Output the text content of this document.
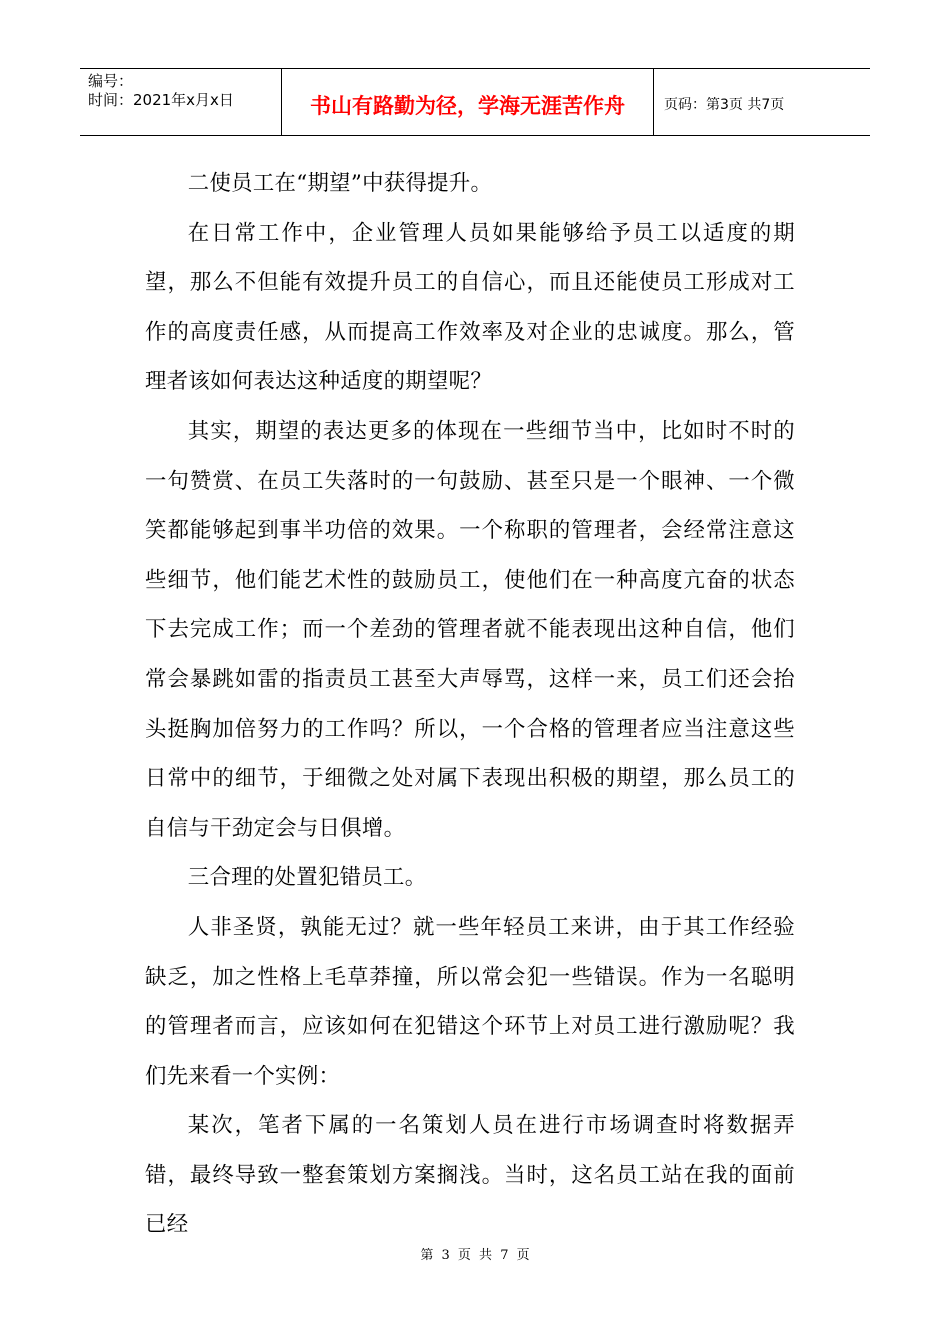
编号：
时间：2021年x月x日	书山有路勤为径，学海无涯苦作舟	页码：第3页 共7页

二使员工在“期望”中获得提升。

在日常工作中，企业管理人员如果能够给予员工以适度的期望，那么不但能有效提升员工的自信心，而且还能使员工形成对工作的高度责任感，从而提高工作效率及对企业的忠诚度。那么，管理者该如何表达这种适度的期望呢？

其实，期望的表达更多的体现在一些细节当中，比如时不时的一句赞赏、在员工失落时的一句鼓励、甚至只是一个眼神、一个微笑都能够起到事半功倍的效果。一个称职的管理者，会经常注意这些细节，他们能艺术性的鼓励员工，使他们在一种高度亢奋的状态下去完成工作；而一个差劲的管理者就不能表现出这种自信，他们常会暴跳如雷的指责员工甚至大声辱骂，这样一来，员工们还会抬头挺胸加倍努力的工作吗？所以，一个合格的管理者应当注意这些日常中的细节，于细微之处对属下表现出积极的期望，那么员工的自信与干劲定会与日俱增。

三合理的处置犯错员工。

人非圣贤，孰能无过？就一些年轻员工来讲，由于其工作经验缺乏，加之性格上毛草莽撞，所以常会犯一些错误。作为一名聪明的管理者而言，应该如何在犯错这个环节上对员工进行激励呢？我们先来看一个实例：

某次，笔者下属的一名策划人员在进行市场调查时将数据弄错，最终导致一整套策划方案搁浅。当时，这名员工站在我的面前已经

第 3 页 共 7 页
